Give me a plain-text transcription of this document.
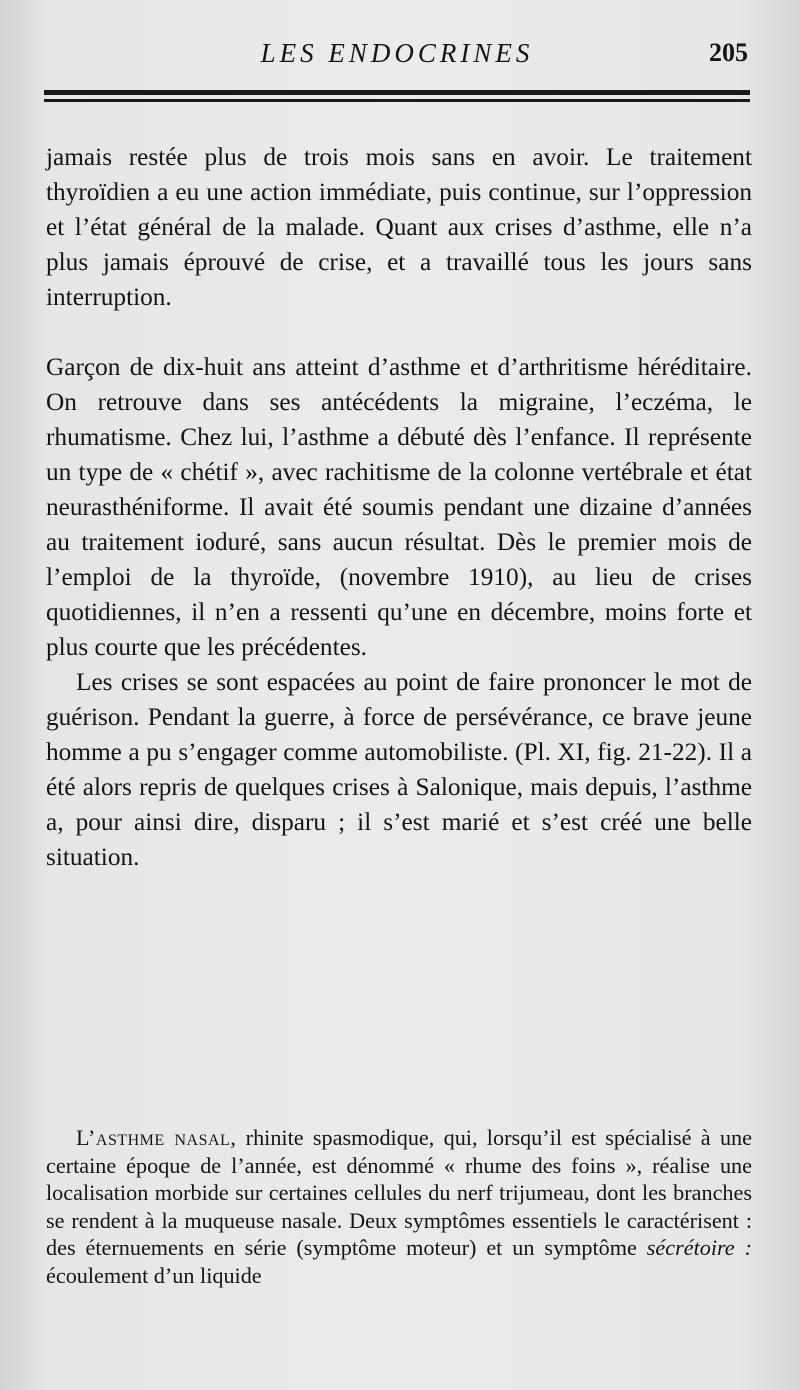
LES ENDOCRINES	205

jamais restée plus de trois mois sans en avoir. Le traitement thyroïdien a eu une action immédiate, puis continue, sur l’oppression et l’état général de la malade. Quant aux crises d’asthme, elle n’a plus jamais éprouvé de crise, et a travaillé tous les jours sans interruption.

Garçon de dix-huit ans atteint d’asthme et d’arthritisme héréditaire. On retrouve dans ses antécédents la migraine, l’eczéma, le rhumatisme. Chez lui, l’asthme a débuté dès l’enfance. Il représente un type de « chétif », avec rachitisme de la colonne vertébrale et état neurasthéniforme. Il avait été soumis pendant une dizaine d’années au traitement ioduré, sans aucun résultat. Dès le premier mois de l’emploi de la thyroïde, (novembre 1910), au lieu de crises quotidiennes, il n’en a ressenti qu’une en décembre, moins forte et plus courte que les précédentes.

Les crises se sont espacées au point de faire prononcer le mot de guérison. Pendant la guerre, à force de persévérance, ce brave jeune homme a pu s’engager comme automobiliste. (Pl. XI, fig. 21-22). Il a été alors repris de quelques crises à Salonique, mais depuis, l’asthme a, pour ainsi dire, disparu ; il s’est marié et s’est créé une belle situation.

L’asthme nasal, rhinite spasmodique, qui, lorsqu’il est spécialisé à une certaine époque de l’année, est dénommé « rhume des foins », réalise une localisation morbide sur certaines cellules du nerf trijumeau, dont les branches se rendent à la muqueuse nasale. Deux symptômes essentiels le caractérisent : des éternuements en série (symptôme moteur) et un symptôme sécrétoire : écoulement d’un liquide
